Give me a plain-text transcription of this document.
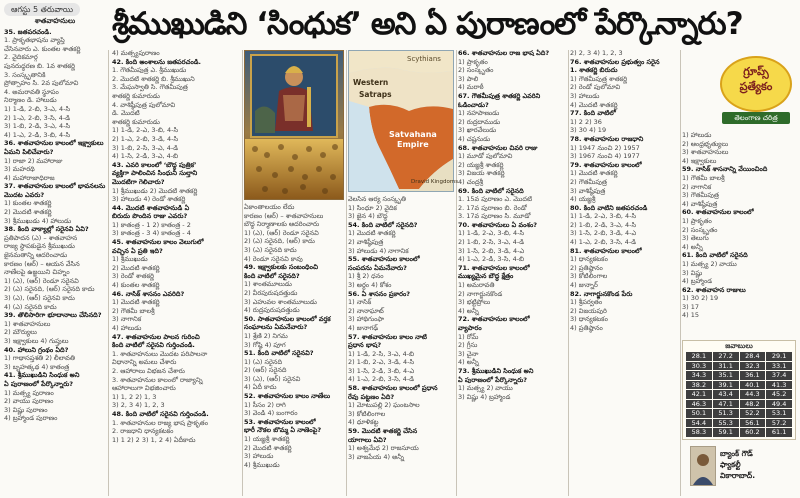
ఆగస్టు 5 తరువాయి శ్రీముఖుడిని ‘సింధుక’ అని ఏ పురాణంలో పేర్కొన్నారు?
శాతవాహనులు

35. జతపరచండి.

1. ప్రాకృతభాషను వ్యాప్తి

చేసినవారు ఎ. కుంతల శాతకర్ణి

2. వైదికమార్గ

పునరుద్ధరణ బి. 1వ శాతకర్ణి

3. సంస్కృతానికి

ప్రోత్సాహం సి. 2వ పులోమావి

4. అమరావతి స్థూపం

నిర్మాణం డి. హాలుడు

1) 1-డి, 2-బి, 3-ఎ, 4-సి

2) 1-ఎ, 2-బి, 3-సి, 4-డి

3) 1-బి, 2-డి, 3-ఎ, 4-సి

4) 1-ఎ, 2-డి, 3-బి, 4-సి

36. శాతవాహనుల కాలంలో ఇక్ష్వాకులు

ఏమని పిలిచేవారు?

1) రాజా 2) మహారాజు

3) మహరథి

4) మహారాజాధిరాజ

37. శాతవాహనుల కాలంలో భావనలను

మొదట ఎవరు?

1) కుంతల శాతకర్ణి

2) మొదటి శాతకర్ణి

3) శ్రీముఖుడు 4) హాలుడు

38. కింది వాక్యాల్లో సరైనవి ఏవి?

ప్రతిపాదన (ఎ) – శాతవాహన

రాజ్య స్థాపకుడైన శ్రీముఖుడు

జైనమతాన్ని ఆదరించాడు

కారణం (ఆర్) – ఆయన వేసిన

నాణేలపై ఉజ్జయిని చిహ్నం

1) (ఎ), (ఆర్) రెండూ సరైనవి

2) (ఎ) సరైనది, (ఆర్) సరైనది కాదు

3) (ఎ), (ఆర్) సరైనవి కాదు

4) (ఎ) సరైనది కాదు

39. తొలిసారిగా భూదానాలు చేసినది?

1) శాతవాహనులు

2) మౌర్యులు

3) ఇక్ష్వాకులు 4) గుప్తులు

40. హాలుని గ్రంథం ఏది?

1) గాథాసప్తశతి 2) లీలావతి

3) బృహత్కథ 4) కాతంత్ర

41. శ్రీముఖుడిని సింధుక అని

ఏ పురాణంలో పేర్కొన్నారు?

1) మత్స్య పురాణం

2) వాయు పురాణం

3) విష్ణు పురాణం

4) బ్రహ్మాండ పురాణం

4) మత్స్యపురాణం

42. కింది అంశాలను జతపరచండి.

1. గౌతమీపుత్ర ఎ. శ్రీముఖుడు

2. మొదటి శాతకర్ణి బి. శ్రీముఖుని

3. మేఘస్వాతి సి. గౌతమీపుత్ర

శాతకర్ణి కుమారుడు

4. వాశిష్ఠీపుత్ర పులోమావి

డి. మొదటి

శాతకర్ణి కుమారుడు

1) 1-డి, 2-ఎ, 3-బి, 4-సి

2) 1-ఎ, 2-బి, 3-డి, 4-సి

3) 1-బి, 2-సి, 3-ఎ, 4-డి

4) 1-సి, 2-డి, 3-ఎ, 4-బి

43. ఎవరి కాలంలో ‘బౌద్ధ పుత్రిక’

వ్యక్తిగా పాలించిన సింధుని సుల్తాని

మొదటిగా గెలిచారు?

1) శ్రీముఖుడు 2) మొదటి శాతకర్ణి

3) హాలుడు 4) రెండో శాతకర్ణి

44. మొదటి శాతవాహనుడి ఏ

బిరుదు పొందిన రాజు ఎవరు?

1) కాతంత్ర - 1 2) కాతంత్ర - 2

3) కాతంత్ర - 3 4) కాతంత్ర - 4

45. శాతవాహనుల కాలం వెలుగులో

వచ్చిన ఏ ప్రతి ఇది?

1) శ్రీముఖుడు

2) మొదటి శాతకర్ణి

3) రెండో శాతకర్ణి

4) కుంతల శాతకర్ణి

46. నాసిక్ శాసనం ఎవరిది?

1) మొదటి శాతకర్ణి

2) గౌతమీ బాలశ్రీ

3) నాగానిక

4) హాలుడు

47. శాతవాహనుల పాలన గురించి

కింది వాటిలో సరైనవి గుర్తించండి.

1. శాతవాహనులు మొదట పరిపాలనా

విధానాన్ని అమలు చేశారు

2. ఆహారాలు విభజన చేశారు

3. శాతవాహనుల కాలంలో రాజ్యాన్ని

ఆహారాలుగా విభజించారు

1) 1, 2 2) 1, 3

3) 2, 3 4) 1, 2, 3

48. కింది వాటిలో సరైనవి గుర్తించండి.

1. శాతవాహనుల రాజ్య భాష ప్రాకృతం

2. రాజధాని ధాన్యకటకం

1) 1 2) 2 3) 1, 2 4) ఏదీకాదు

ఏకాంతాలయం లేదు

కారణం (ఆర్) – శాతవాహనులు

బౌద్ధ నిర్మాణాలకు ఆదరించారు

1) (ఎ), (ఆర్) రెండూ సరైనవి

2) (ఎ) సరైనది, (ఆర్) కాదు

3) (ఎ) సరైనది కాదు

4) రెండూ సరైనవి కావు

49. ఇక్ష్వాకులకు సంబంధించి

కింది వాటిలో సరైనది?

1) శాంతమూలుడు

2) వీరపురుషదత్తుడు

3) ఎహువల శాంతమూలుడు

4) రుద్రపురుషదత్తుడు

50. సాతవాహనుల కాలంలో వర్తక

సంఘాలను ఏమనేవారు?

1) శ్రేణి 2) నిగమ

3) గోష్ఠి 4) పూగ

51. కింది వాటిలో సరైనవి?

1) (ఎ) సరైనది

2) (ఆర్) సరైనది

3) (ఎ), (ఆర్) సరైనవి

4) ఏదీ కాదు

52. శాతవాహనుల కాలం నాణేలు

1) సీసం 2) రాగి

3) వెండి 4) బంగారం

53. శాతవాహనుల కాలంలో

భారీ నౌకల బొమ్మ ఏ నాణెంపై?

1) యజ్ఞశ్రీ శాతకర్ణి

2) మొదటి శాతకర్ణి

3) హాలుడు

4) శ్రీముఖుడు

వెలసిన ఆర్య సంస్కృతి

1) సింధూ 2) వైదిక

3) జైన 4) బౌద్ధ

54. కింది వాటిలో సరైనది?

1) మొదటి శాతకర్ణి

2) వాశిష్ఠీపుత్ర

3) హాలుడు 4) నాగానిక

55. శాతవాహనుల కాలంలో

సంపదను ఏమనేవారు?

1) శ్రీ 2) ధనం

3) అర్థం 4) కోశం

56. ఏ శాసనం ప్రకారం?

1) నాసిక్

2) నానాఘాట్

3) హాథిగుంఫా

4) జునాగఢ్

57. శాతవాహనుల కాలం నాటి

ప్రధాన భాష?

1) 1-డి, 2-సి, 3-ఎ, 4-బి

2) 1-బి, 2-ఎ, 3-డి, 4-సి

3) 1-సి, 2-డి, 3-బి, 4-ఎ

4) 1-ఎ, 2-బి, 3-సి, 4-డి

58. శాతవాహనుల కాలంలో ప్రధాన

రేవు పట్టణం ఏది?

1) మోటుపల్లి 2) ఘంటసాల

3) కోటిలింగాల

4) ధూళికట్ట

59. మొదటి శాతకర్ణి చేసిన

యాగాలు ఏవి?

1) అశ్వమేధ 2) రాజసూయ

3) వాజపేయ 4) అన్నీ

66. శాతవాహనుల రాజ భాష ఏది?

1) ప్రాకృతం

2) సంస్కృతం

3) పాలి

4) మరాఠీ

67. గౌతమీపుత్ర శాతకర్ణి ఎవరిని

ఓడించాడు?

1) నహపాణుడు

2) రుద్రదాముడు

3) ఖారవేలుడు

4) చష్టనుడు

68. శాతవాహనుల చివరి రాజు

1) మూడో పులోమావి

2) యజ్ఞశ్రీ శాతకర్ణి

3) విజయ శాతకర్ణి

4) చంద్రశ్రీ

69. కింది వాటిలో సరైనది

1. 15వ పురాణం ఎ. మొదటి

2. 17వ పురాణం బి. రెండో

3. 17వ పురాణం సి. మూడో

70. శాతవాహనులు ఏ వంశం?

1) 1-డి, 2-ఎ, 3-బి, 4-సి

2) 1-బి, 2-సి, 3-ఎ, 4-డి

3) 1-సి, 2-బి, 3-డి, 4-ఎ

4) 1-ఎ, 2-డి, 3-సి, 4-బి

71. శాతవాహనుల కాలంలో

ముఖ్యమైన బౌద్ధ క్షేత్రం

1) అమరావతి

2) నాగార్జునకొండ

3) భట్టిప్రోలు

4) అన్నీ

72. శాతవాహనుల కాలంలో

వ్యాపారం

1) రోమ్

2) గ్రీసు

3) చైనా

4) అన్నీ

73. శ్రీముఖుడిని సింధుక అని

ఏ పురాణంలో పేర్కొన్నారు?

1) మత్స్య 2) వాయు

3) విష్ణు 4) బ్రహ్మాండ

2) 2, 3 4) 1, 2, 3

76. శాతవాహనుల ప్రభుత్వం సరైన

1. శాతకర్ణి బిరుదు

1) గౌతమీపుత్ర శాతకర్ణి

2) రెండో పులోమావి

3) హాలుడు

4) మొదటి శాతకర్ణి

77. కింది వాటిలో

1) 2 2) 36

3) 30 4) 19

78. శాతవాహనుల రాజధాని

1) 1947 నుంచి 2) 1957

3) 1967 నుంచి 4) 1977

79. శాతవాహనుల కాలంలో

1) మొదటి శాతకర్ణి

2) గౌతమీపుత్ర

3) వాశిష్ఠీపుత్ర

4) యజ్ఞశ్రీ

80. కింది వాటిని జతపరచండి

1) 1-డి, 2-ఎ, 3-బి, 4-సి

2) 1-బి, 2-డి, 3-ఎ, 4-సి

3) 1-సి, 2-బి, 3-డి, 4-ఎ

4) 1-ఎ, 2-బి, 3-సి, 4-డి

81. శాతవాహనుల కాలంలో

1) ధాన్యకటకం

2) ప్రతిష్ఠానం

3) కోటిలింగాల

4) జున్నార్

82. నాగార్జునకొండ పేరు

1) శ్రీపర్వతం

2) విజయపురి

3) ధాన్యకటకం

4) ప్రతిష్ఠానం

1) హాలుడు

2) ఆంధ్రభృత్యులు

3) శాతవాహనులు

4) ఇక్ష్వాకులు

59. నాసిక్ శాసనాన్ని వేయించింది

1) గౌతమీ బాలశ్రీ

2) నాగానిక

3) గౌతమీపుత్ర

4) వాశిష్ఠీపుత్ర

60. శాతవాహనుల కాలంలో

1) ప్రాకృతం

2) సంస్కృతం

3) తెలుగు

4) అన్నీ

61. కింది వాటిలో సరైనది

1) మత్స్య 2) వాయు

3) విష్ణు

4) బ్రహ్మాండ

62. శాతవాహన రాజులు

1) 30 2) 19

3) 17

4) 15

Scythians
Western
Satraps
Satvahana
Empire
Dravid Kingdoms
గ్రూప్స్
ప్రత్యేకం
తెలంగాణ చరిత్ర
జవాబులు
28.1	27.2	28.4	29.1
30.3	31.1	32.3	33.1
34.3	35.1	36.1	37.4
38.2	39.1	40.1	41.3
42.1	43.4	44.3	45.2
46.3	47.1	48.2	49.4
50.1	51.3	52.2	53.1
54.4	55.3	56.1	57.2
58.3	59.1	60.2	61.1
బ్యాంక్ గౌడ్
ఫ్యాకల్టీ
వికారాబాద్.
